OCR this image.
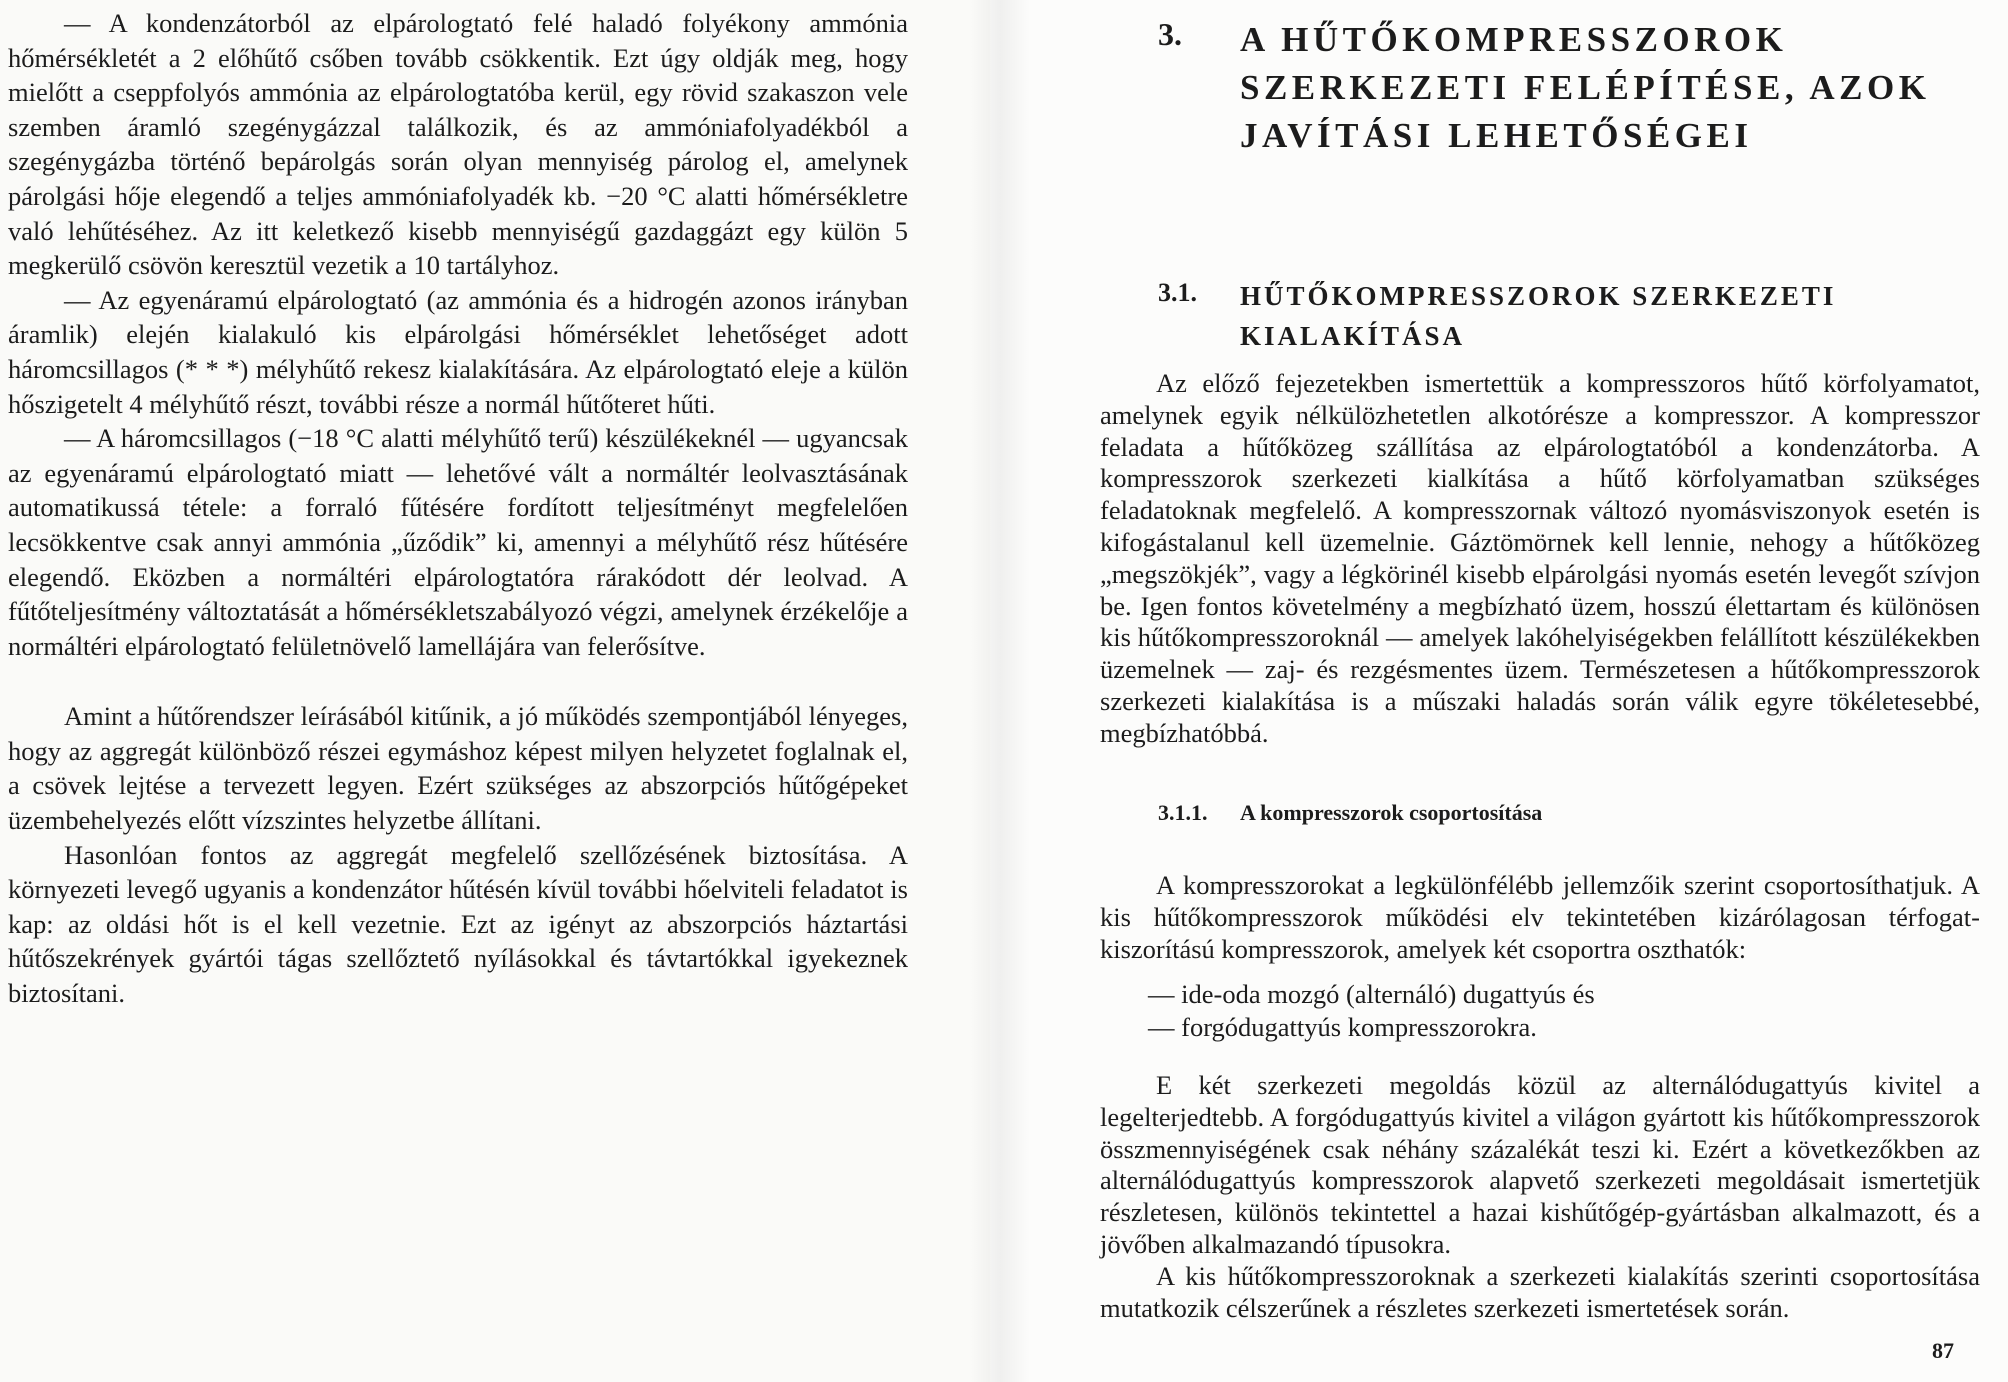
— A kondenzátorból az elpárologtató felé haladó folyékony ammónia hőmérsékletét a 2 előhűtő csőben tovább csökkentik. Ezt úgy oldják meg, hogy mielőtt a cseppfolyós ammónia az elpárologtatóba kerül, egy rövid szakaszon vele szemben áramló szegénygázzal találkozik, és az ammóniafolyadékból a szegénygázba történő bepárolgás során olyan mennyiség párolog el, amelynek párolgási hője elegendő a teljes ammóniafolyadék kb. −20 °C alatti hőmérsékletre való lehűtéséhez. Az itt keletkező kisebb mennyiségű gazdaggázt egy külön 5 megkerülő csövön keresztül vezetik a 10 tartályhoz.

— Az egyenáramú elpárologtató (az ammónia és a hidrogén azonos irányban áramlik) elején kialakuló kis elpárolgási hőmérséklet lehetőséget adott háromcsillagos (* * *) mélyhűtő rekesz kialakítására. Az elpárologtató eleje a külön hőszigetelt 4 mélyhűtő részt, további része a normál hűtőteret hűti.

— A háromcsillagos (−18 °C alatti mélyhűtő terű) készülékeknél — ugyancsak az egyenáramú elpárologtató miatt — lehetővé vált a normáltér leolvasztásának automatikussá tétele: a forraló fűtésére fordított teljesítményt megfelelően lecsökkentve csak annyi ammónia „űződik” ki, amennyi a mélyhűtő rész hűtésére elegendő. Eközben a normáltéri elpárologtatóra rárakódott dér leolvad. A fűtőteljesítmény változtatását a hőmérsékletszabályozó végzi, amelynek érzékelője a normáltéri elpárologtató felületnövelő lamellájára van felerősítve.

Amint a hűtőrendszer leírásából kitűnik, a jó működés szempontjából lényeges, hogy az aggregát különböző részei egymáshoz képest milyen helyzetet foglalnak el, a csövek lejtése a tervezett legyen. Ezért szükséges az abszorpciós hűtőgépeket üzembehelyezés előtt vízszintes helyzetbe állítani.

Hasonlóan fontos az aggregát megfelelő szellőzésének biztosítása. A környezeti levegő ugyanis a kondenzátor hűtésén kívül további hőelviteli feladatot is kap: az oldási hőt is el kell vezetnie. Ezt az igényt az abszorpciós háztartási hűtőszekrények gyártói tágas szellőztető nyílásokkal és távtartókkal igyekeznek biztosítani.

3. A HŰTŐKOMPRESSZOROK SZERKEZETI FELÉPÍTÉSE, AZOK JAVÍTÁSI LEHETŐSÉGEI
3.1. HŰTŐKOMPRESSZOROK SZERKEZETI KIALAKÍTÁSA

Az előző fejezetekben ismertettük a kompresszoros hűtő körfolyamatot, amelynek egyik nélkülözhetetlen alkotórésze a kompresszor. A kompresszor feladata a hűtőközeg szállítása az elpárologtatóból a kondenzátorba. A kompresszorok szerkezeti kialkítása a hűtő körfolyamatban szükséges feladatoknak megfelelő. A kompresszornak változó nyomásviszonyok esetén is kifogástalanul kell üzemelnie. Gáztömörnek kell lennie, nehogy a hűtőközeg „megszökjék”, vagy a légkörinél kisebb elpárolgási nyomás esetén levegőt szívjon be. Igen fontos követelmény a megbízható üzem, hosszú élettartam és különösen kis hűtőkompresszoroknál — amelyek lakóhelyiségekben felállított készülékekben üzemelnek — zaj- és rezgésmentes üzem. Természetesen a hűtőkompresszorok szerkezeti kialakítása is a műszaki haladás során válik egyre tökéletesebbé, megbízhatóbbá.

3.1.1. A kompresszorok csoportosítása

A kompresszorokat a legkülönfélébb jellemzőik szerint csoportosíthatjuk. A kis hűtőkompresszorok működési elv tekintetében kizárólagosan térfogat-kiszorítású kompresszorok, amelyek két csoportra oszthatók:

— ide-oda mozgó (alternáló) dugattyús és
— forgódugattyús kompresszorokra.

E két szerkezeti megoldás közül az alternálódugattyús kivitel a legelterjedtebb. A forgódugattyús kivitel a világon gyártott kis hűtőkompresszorok összmennyiségének csak néhány százalékát teszi ki. Ezért a következőkben az alternálódugattyús kompresszorok alapvető szerkezeti megoldásait ismertetjük részletesen, különös tekintettel a hazai kishűtőgép-gyártásban alkalmazott, és a jövőben alkalmazandó típusokra.

A kis hűtőkompresszoroknak a szerkezeti kialakítás szerinti csoportosítása mutatkozik célszerűnek a részletes szerkezeti ismertetések során.

87
